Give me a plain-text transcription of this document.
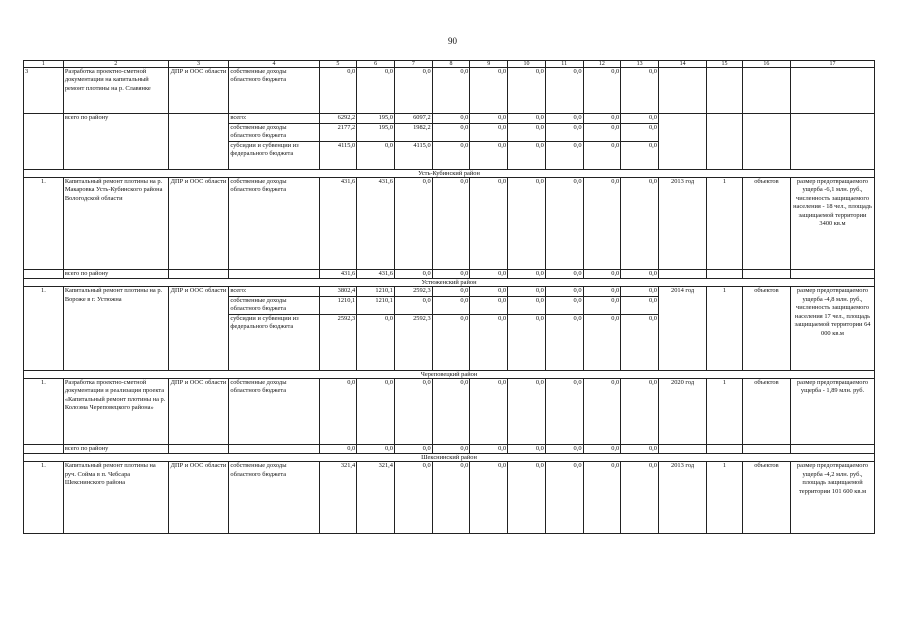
90
1	2	3	4	5	6	7	8	9	10	11	12	13	14	15	16	17
3	Разработка проектно-сметной документации на капитальный ремонт плотины на р. Славянке	ДПР и ООС области	собственные доходы областного бюджета	0,0	0,0	0,0	0,0	0,0	0,0	0,0	0,0	0,0				
	всего по району		всего:	6292,2	195,0	6097,2	0,0	0,0	0,0	0,0	0,0	0,0				
			собственные доходы областного бюджета	2177,2	195,0	1982,2	0,0	0,0	0,0	0,0	0,0	0,0				
			субсидии и субвенции из федерального бюджета	4115,0	0,0	4115,0	0,0	0,0	0,0	0,0	0,0	0,0				
Усть-Кубинский район																
1.	Капитальный ремонт плотины на р. Макаровка Усть-Кубинского района Вологодской области	ДПР и ООС области	собственные доходы областного бюджета	431,6	431,6	0,0	0,0	0,0	0,0	0,0	0,0	0,0	2013 год	1	объектов	размер предотвращаемого ущерба -6,1 млн. руб., численность защищаемого населения - 18 чел., площадь защищаемой территории 3400 кв.м
	всего по району			431,6	431,6	0,0	0,0	0,0	0,0	0,0	0,0	0,0				
Устюженский район																
1.	Капитальный ремонт плотины на р. Вороже в г. Устюжна	ДПР и ООС области	всего:	3802,4	1210,1	2592,3	0,0	0,0	0,0	0,0	0,0	0,0	2014 год	1	объектов	размер предотвращаемого ущерба -4,8 млн. руб., численность защищаемого населения 17 чел., площадь защищаемой территории 64 000 кв.м
			собственные доходы областного бюджета	1210,1	1210,1	0,0	0,0	0,0	0,0	0,0	0,0	0,0				
			субсидии и субвенции из федерального бюджета	2592,3	0,0	2592,3	0,0	0,0	0,0	0,0	0,0	0,0				
Череповецкий район																
1.	Разработка проектно-сметной документации и реализация проекта «Капитальный ремонт плотины на р. Колоэма Череповецкого района»	ДПР и ООС области	собственные доходы областного бюджета	0,0	0,0	0,0	0,0	0,0	0,0	0,0	0,0	0,0	2020 год	1	объектов	размер предотвращаемого ущерба - 1,89 млн. руб.
	всего по району			0,0	0,0	0,0	0,0	0,0	0,0	0,0	0,0	0,0				
Шекснинский район																
1.	Капитальный ремонт плотины на руч. Сойма в п. Чебсара Шекснинского района	ДПР и ООС области	собственные доходы областного бюджета	321,4	321,4	0,0	0,0	0,0	0,0	0,0	0,0	0,0	2013 год	1	объектов	размер предотвращаемого ущерба -4,2 млн. руб., площадь защищаемой территории 101 600 кв.м
